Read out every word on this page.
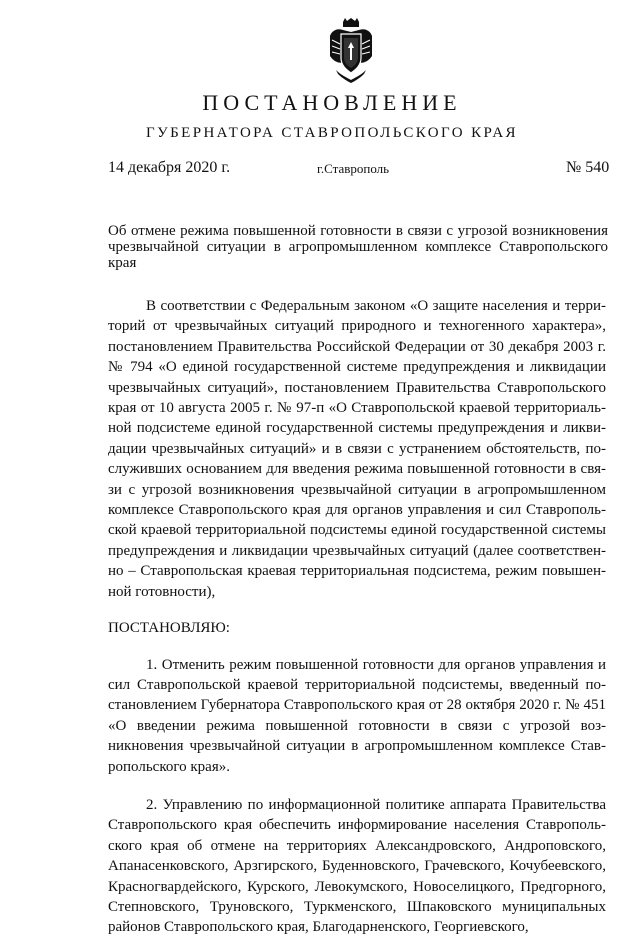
ПОСТАНОВЛЕНИЕ
ГУБЕРНАТОРА СТАВРОПОЛЬСКОГО КРАЯ
14 декабря 2020 г.	г.Ставрополь	№ 540
Об отмене режима повышенной готовности в связи с угрозой возникновения чрезвычайной ситуации в агропромышленном комплексе Ставропольского края

В соответствии с Федеральным законом «О защите населения и территорий от чрезвычайных ситуаций природного и техногенного характера», постановлением Правительства Российской Федерации от 30 декабря 2003 г. № 794 «О единой государственной системе предупреждения и ликвидации чрезвычайных ситуаций», постановлением Правительства Ставропольского края от 10 августа 2005 г. № 97-п «О Ставропольской краевой территориальной подсистеме единой государственной системы предупреждения и ликвидации чрезвычайных ситуаций» и в связи с устранением обстоятельств, послуживших основанием для введения режима повышенной готовности в связи с угрозой возникновения чрезвычайной ситуации в агропромышленном комплексе Ставропольского края для органов управления и сил Ставропольской краевой территориальной подсистемы единой государственной системы предупреждения и ликвидации чрезвычайных ситуаций (далее соответственно – Ставропольская краевая территориальная подсистема, режим повышенной готовности),

ПОСТАНОВЛЯЮ:

1. Отменить режим повышенной готовности для органов управления и сил Ставропольской краевой территориальной подсистемы, введенный постановлением Губернатора Ставропольского края от 28 октября 2020 г. № 451 «О введении режима повышенной готовности в связи с угрозой возникновения чрезвычайной ситуации в агропромышленном комплексе Ставропольского края».

2. Управлению по информационной политике аппарата Правительства Ставропольского края обеспечить информирование населения Ставропольского края об отмене на территориях Александровского, Андроповского, Апанасенковского, Арзгирского, Буденновского, Грачевского, Кочубеевского, Красногвардейского, Курского, Левокумского, Новоселицкого, Предгорного, Степновского, Труновского, Туркменского, Шпаковского муниципальных районов Ставропольского края, Благодарненского, Георгиевского,
